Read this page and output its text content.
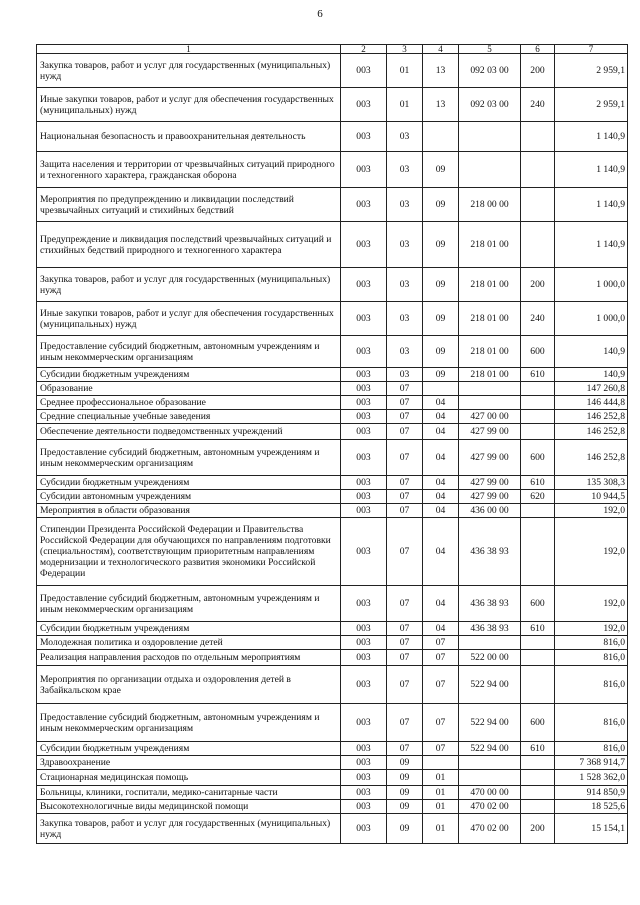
6
1	2	3	4	5	6	7
Закупка товаров, работ и услуг для государственных (муниципальных) нужд	003	01	13	092 03 00	200	2 959,1
Иные закупки товаров, работ и услуг для обеспечения государственных (муниципальных) нужд	003	01	13	092 03 00	240	2 959,1
Национальная безопасность и правоохранительная деятельность	003	03				1 140,9
Защита населения и территории от чрезвычайных ситуаций природного и техногенного характера, гражданская оборона	003	03	09			1 140,9
Мероприятия по предупреждению и ликвидации последствий чрезвычайных ситуаций и стихийных бедствий	003	03	09	218 00 00		1 140,9
Предупреждение и ликвидация последствий чрезвычайных ситуаций и стихийных бедствий природного и техногенного характера	003	03	09	218 01 00		1 140,9
Закупка товаров, работ и услуг для государственных (муниципальных) нужд	003	03	09	218 01 00	200	1 000,0
Иные закупки товаров, работ и услуг для обеспечения государственных (муниципальных) нужд	003	03	09	218 01 00	240	1 000,0
Предоставление субсидий бюджетным, автономным учреждениям и иным некоммерческим организациям	003	03	09	218 01 00	600	140,9
Субсидии бюджетным учреждениям	003	03	09	218 01 00	610	140,9
Образование	003	07				147 260,8
Среднее профессиональное образование	003	07	04			146 444,8
Средние специальные учебные заведения	003	07	04	427 00 00		146 252,8
Обеспечение деятельности подведомственных учреждений	003	07	04	427 99 00		146 252,8
Предоставление субсидий бюджетным, автономным учреждениям и иным некоммерческим организациям	003	07	04	427 99 00	600	146 252,8
Субсидии бюджетным учреждениям	003	07	04	427 99 00	610	135 308,3
Субсидии автономным учреждениям	003	07	04	427 99 00	620	10 944,5
Мероприятия в области образования	003	07	04	436 00 00		192,0
Стипендии Президента Российской Федерации и Правительства Российской Федерации для обучающихся по направлениям подготовки (специальностям), соответствующим приоритетным направлениям модернизации и технологического развития экономики Российской Федерации	003	07	04	436 38 93		192,0
Предоставление субсидий бюджетным, автономным учреждениям и иным некоммерческим организациям	003	07	04	436 38 93	600	192,0
Субсидии бюджетным учреждениям	003	07	04	436 38 93	610	192,0
Молодежная политика и оздоровление детей	003	07	07			816,0
Реализация направления расходов по отдельным мероприятиям	003	07	07	522 00 00		816,0
Мероприятия по организации отдыха и оздоровления детей в Забайкальском крае	003	07	07	522 94 00		816,0
Предоставление субсидий бюджетным, автономным учреждениям и иным некоммерческим организациям	003	07	07	522 94 00	600	816,0
Субсидии бюджетным учреждениям	003	07	07	522 94 00	610	816,0
Здравоохранение	003	09				7 368 914,7
Стационарная медицинская помощь	003	09	01			1 528 362,0
Больницы, клиники, госпитали, медико-санитарные части	003	09	01	470 00 00		914 850,9
Высокотехнологичные виды медицинской помощи	003	09	01	470 02 00		18 525,6
Закупка товаров, работ и услуг для государственных (муниципальных) нужд	003	09	01	470 02 00	200	15 154,1
